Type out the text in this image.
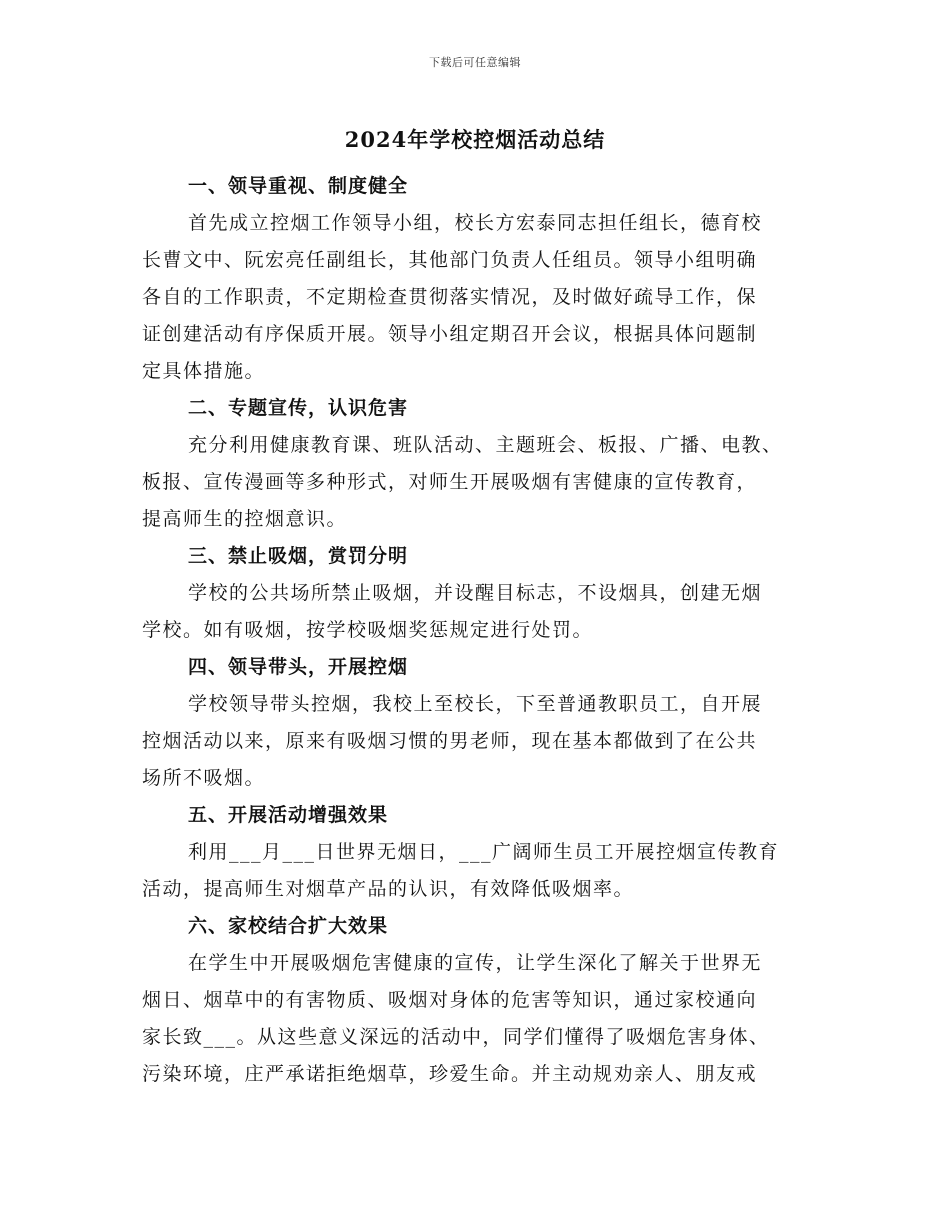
下载后可任意编辑
2024年学校控烟活动总结
一、领导重视、制度健全
首先成立控烟工作领导小组，校长方宏泰同志担任组长，德育校
长曹文中、阮宏亮任副组长，其他部门负责人任组员。领导小组明确
各自的工作职责，不定期检查贯彻落实情况，及时做好疏导工作，保
证创建活动有序保质开展。领导小组定期召开会议，根据具体问题制
定具体措施。
二、专题宣传，认识危害
充分利用健康教育课、班队活动、主题班会、板报、广播、电教、
板报、宣传漫画等多种形式，对师生开展吸烟有害健康的宣传教育，
提高师生的控烟意识。
三、禁止吸烟，赏罚分明
学校的公共场所禁止吸烟，并设醒目标志，不设烟具，创建无烟
学校。如有吸烟，按学校吸烟奖惩规定进行处罚。
四、领导带头，开展控烟
学校领导带头控烟，我校上至校长，下至普通教职员工，自开展
控烟活动以来，原来有吸烟习惯的男老师，现在基本都做到了在公共
场所不吸烟。
五、开展活动增强效果
利用___月___日世界无烟日，___广阔师生员工开展控烟宣传教育
活动，提高师生对烟草产品的认识，有效降低吸烟率。
六、家校结合扩大效果
在学生中开展吸烟危害健康的宣传，让学生深化了解关于世界无
烟日、烟草中的有害物质、吸烟对身体的危害等知识，通过家校通向
家长致___。从这些意义深远的活动中，同学们懂得了吸烟危害身体、
污染环境，庄严承诺拒绝烟草，珍爱生命。并主动规劝亲人、朋友戒
